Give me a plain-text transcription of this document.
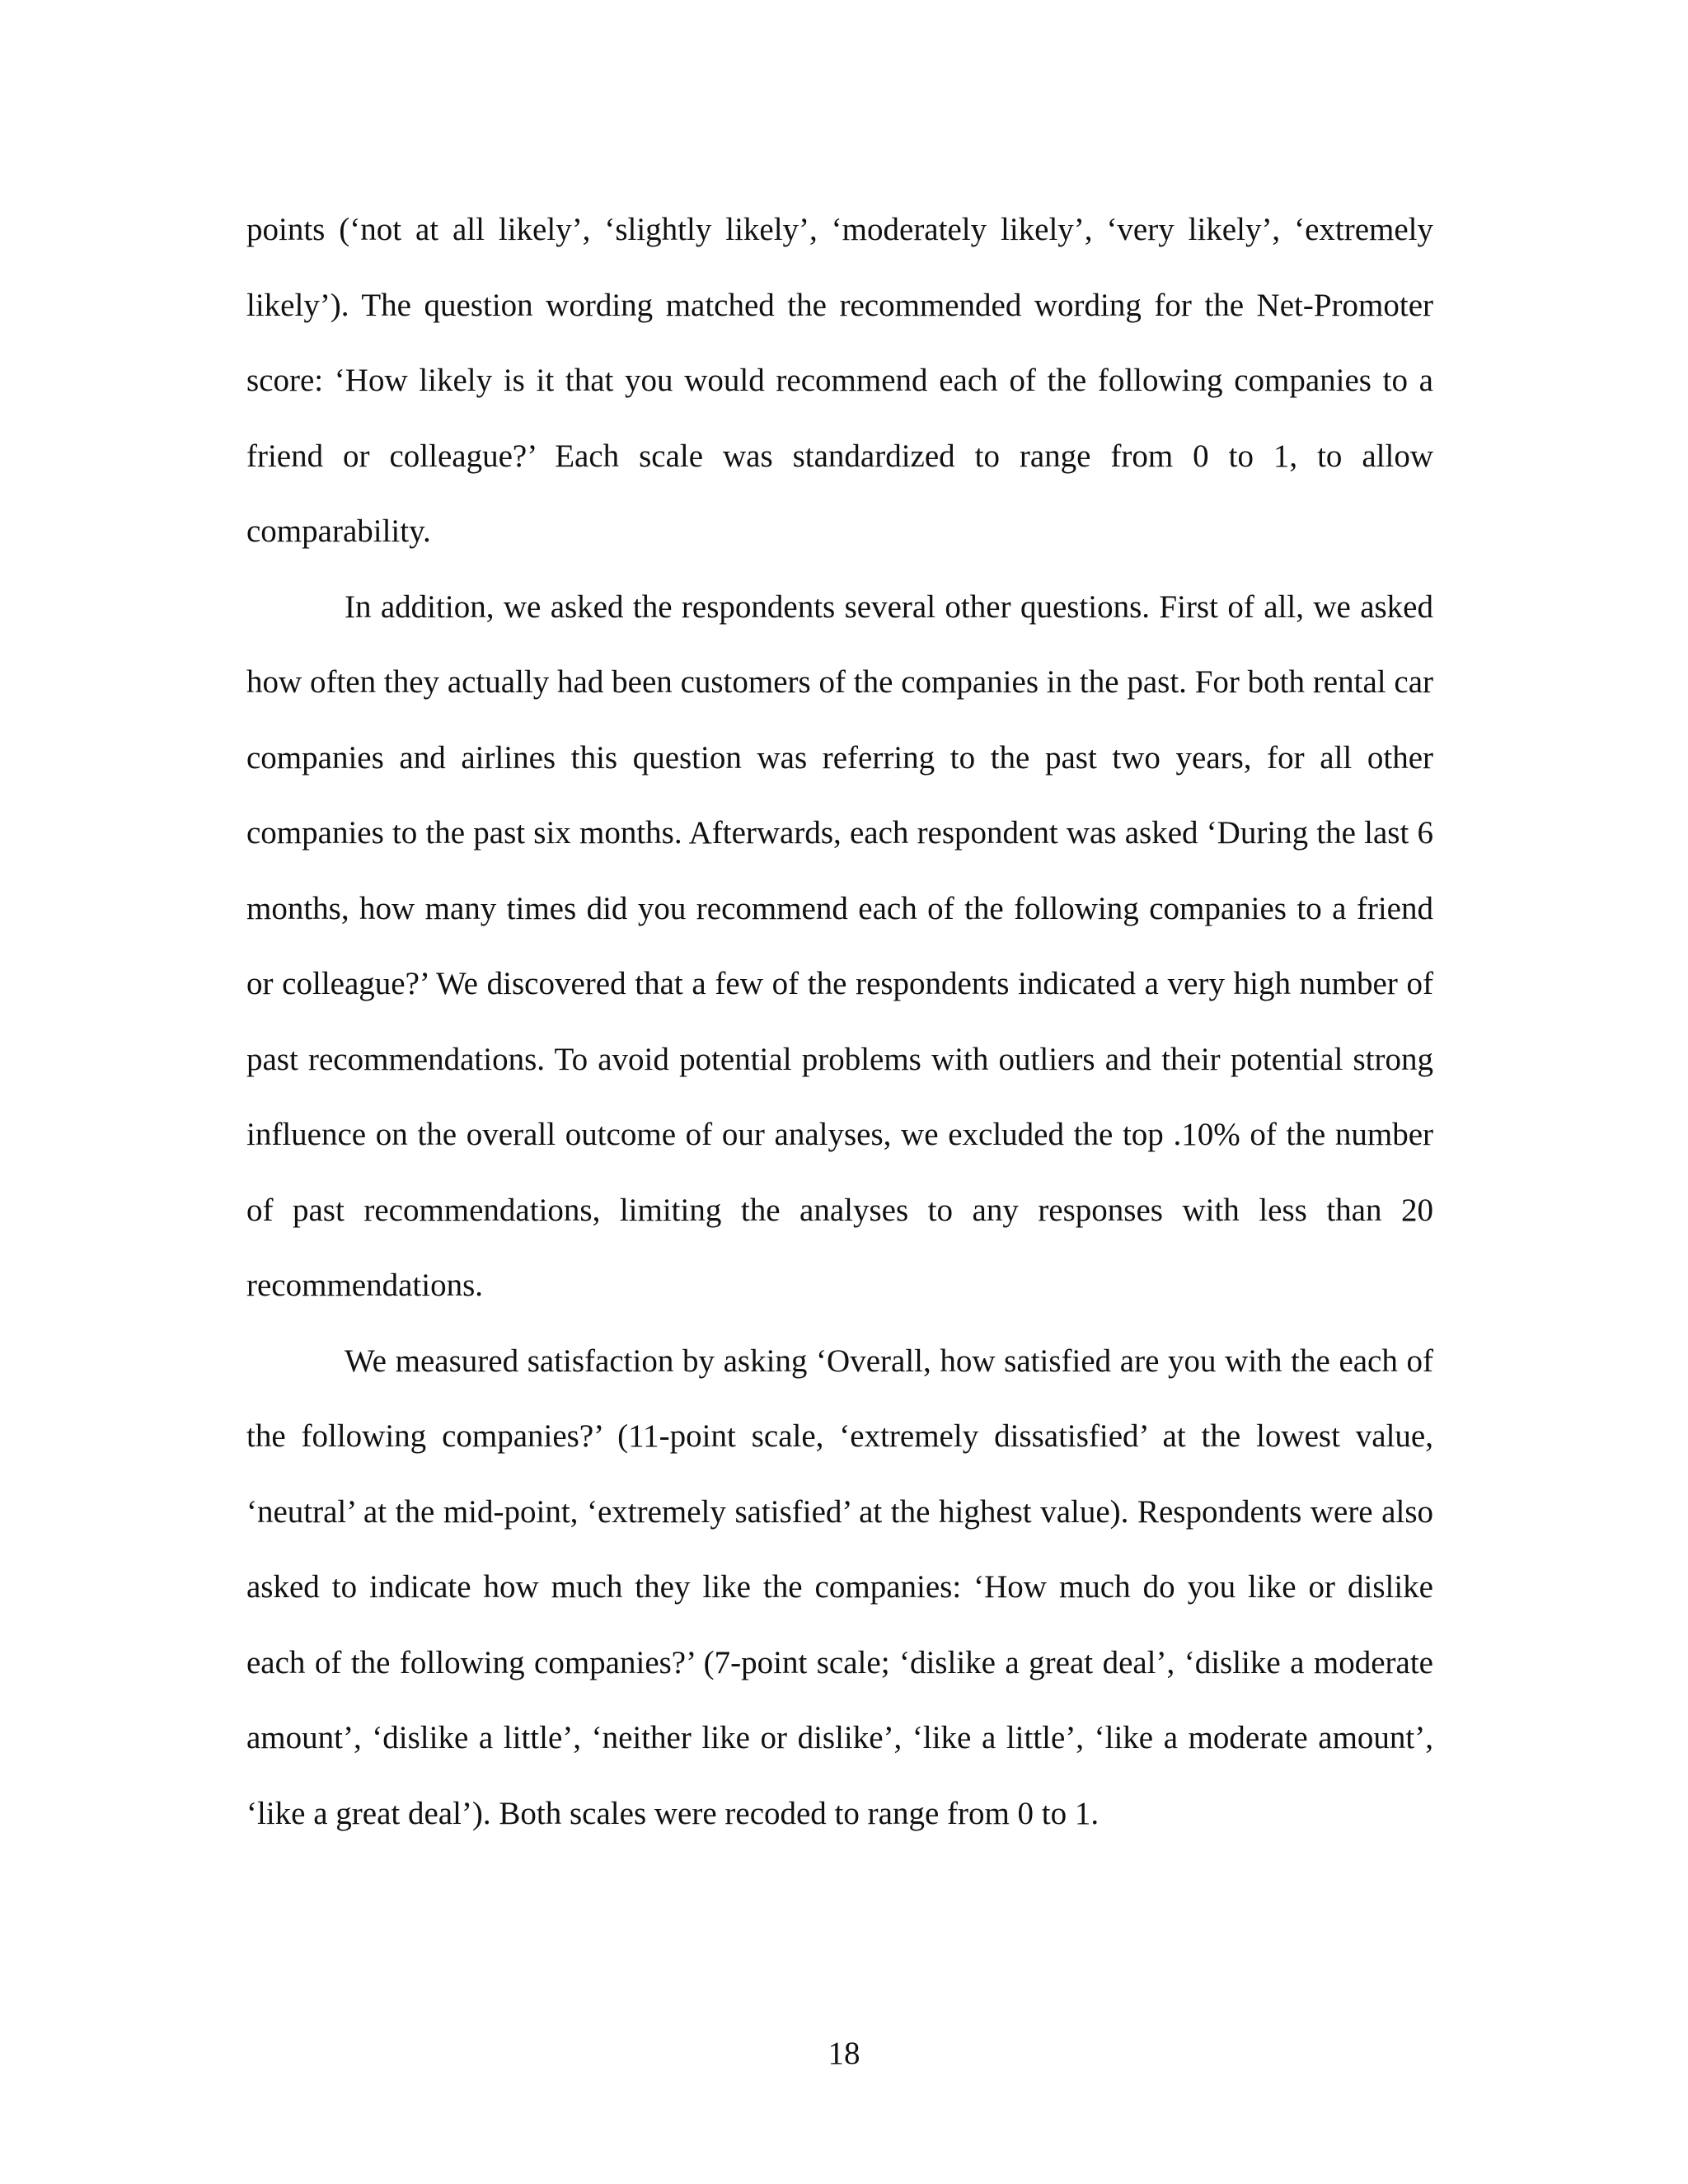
points (‘not at all likely’, ‘slightly likely’, ‘moderately likely’, ‘very likely’, ‘extremely likely’). The question wording matched the recommended wording for the Net-Promoter score: ‘How likely is it that you would recommend each of the following companies to a friend or colleague?’ Each scale was standardized to range from 0 to 1, to allow comparability.

In addition, we asked the respondents several other questions. First of all, we asked how often they actually had been customers of the companies in the past. For both rental car companies and airlines this question was referring to the past two years, for all other companies to the past six months. Afterwards, each respondent was asked ‘During the last 6 months, how many times did you recommend each of the following companies to a friend or colleague?’ We discovered that a few of the respondents indicated a very high number of past recommendations. To avoid potential problems with outliers and their potential strong influence on the overall outcome of our analyses, we excluded the top .10% of the number of past recommendations, limiting the analyses to any responses with less than 20 recommendations.

We measured satisfaction by asking ‘Overall, how satisfied are you with the each of the following companies?’ (11-point scale, ‘extremely dissatisfied’ at the lowest value, ‘neutral’ at the mid-point, ‘extremely satisfied’ at the highest value). Respondents were also asked to indicate how much they like the companies: ‘How much do you like or dislike each of the following companies?’ (7-point scale; ‘dislike a great deal’, ‘dislike a moderate amount’, ‘dislike a little’, ‘neither like or dislike’, ‘like a little’, ‘like a moderate amount’, ‘like a great deal’). Both scales were recoded to range from 0 to 1.

18
